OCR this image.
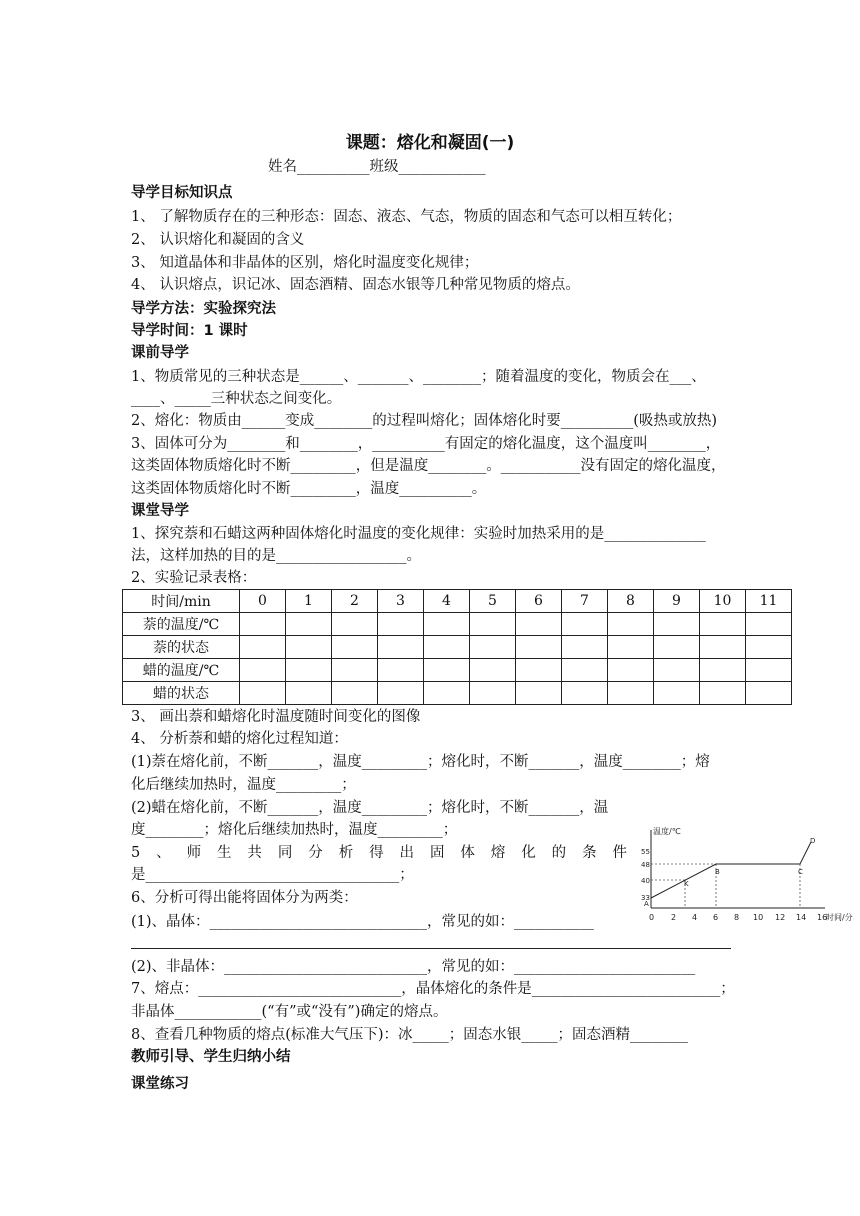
课题：熔化和凝固(一)
姓名__________班级____________
导学目标知识点
1、 了解物质存在的三种形态：固态、液态、气态，物质的固态和气态可以相互转化；
2、 认识熔化和凝固的含义
3、 知道晶体和非晶体的区别，熔化时温度变化规律；
4、 认识熔点，识记冰、固态酒精、固态水银等几种常见物质的熔点。
导学方法：实验探究法
导学时间：1 课时
课前导学
1、物质常见的三种状态是______、_______、________；随着温度的变化，物质会在___、
____、_____三种状态之间变化。
2、熔化：物质由______变成________的过程叫熔化；固体熔化时要__________(吸热或放热)
3、固体可分为________和________，__________有固定的熔化温度，这个温度叫________，
这类固体物质熔化时不断_________，但是温度________。___________没有固定的熔化温度，
这类固体物质熔化时不断_________，温度__________。
课堂导学
1、探究萘和石蜡这两种固体熔化时温度的变化规律：实验时加热采用的是______________
法，这样加热的目的是__________________。
2、实验记录表格：
时间/min	0	1	2	3	4	5	6	7	8	9	10	11
萘的温度/℃												
萘的状态												
蜡的温度/℃												
蜡的状态												
3、 画出萘和蜡熔化时温度随时间变化的图像
4、 分析萘和蜡的熔化过程知道：
(1)萘在熔化前，不断_______，温度_________；熔化时，不断_______，温度________；熔
化后继续加热时，温度_________；
(2)蜡在熔化前，不断_______，温度_________；熔化时，不断_______，温
度________；熔化后继续加热时，温度_________；
5 、 师 生 共 同 分 析 得 出 固 体 熔 化 的 条 件
是___________________________________；
6、分析可得出能将固体分为两类：
(1)、晶体：______________________________，常见的如：___________
(2)、非晶体：____________________________，常见的如：_________________________
7、熔点：____________________________，晶体熔化的条件是__________________________；
非晶体____________(“有”或“没有”)确定的熔点。
8、查看几种物质的熔点(标准大气压下)：冰_____；固态水银_____；固态酒精________
教师引导、学生归纳小结
课堂练习
温度/℃
时间/分
55
48
40
33
0 2 4 6 8 10 12 14 16
A
K
B	C
D
